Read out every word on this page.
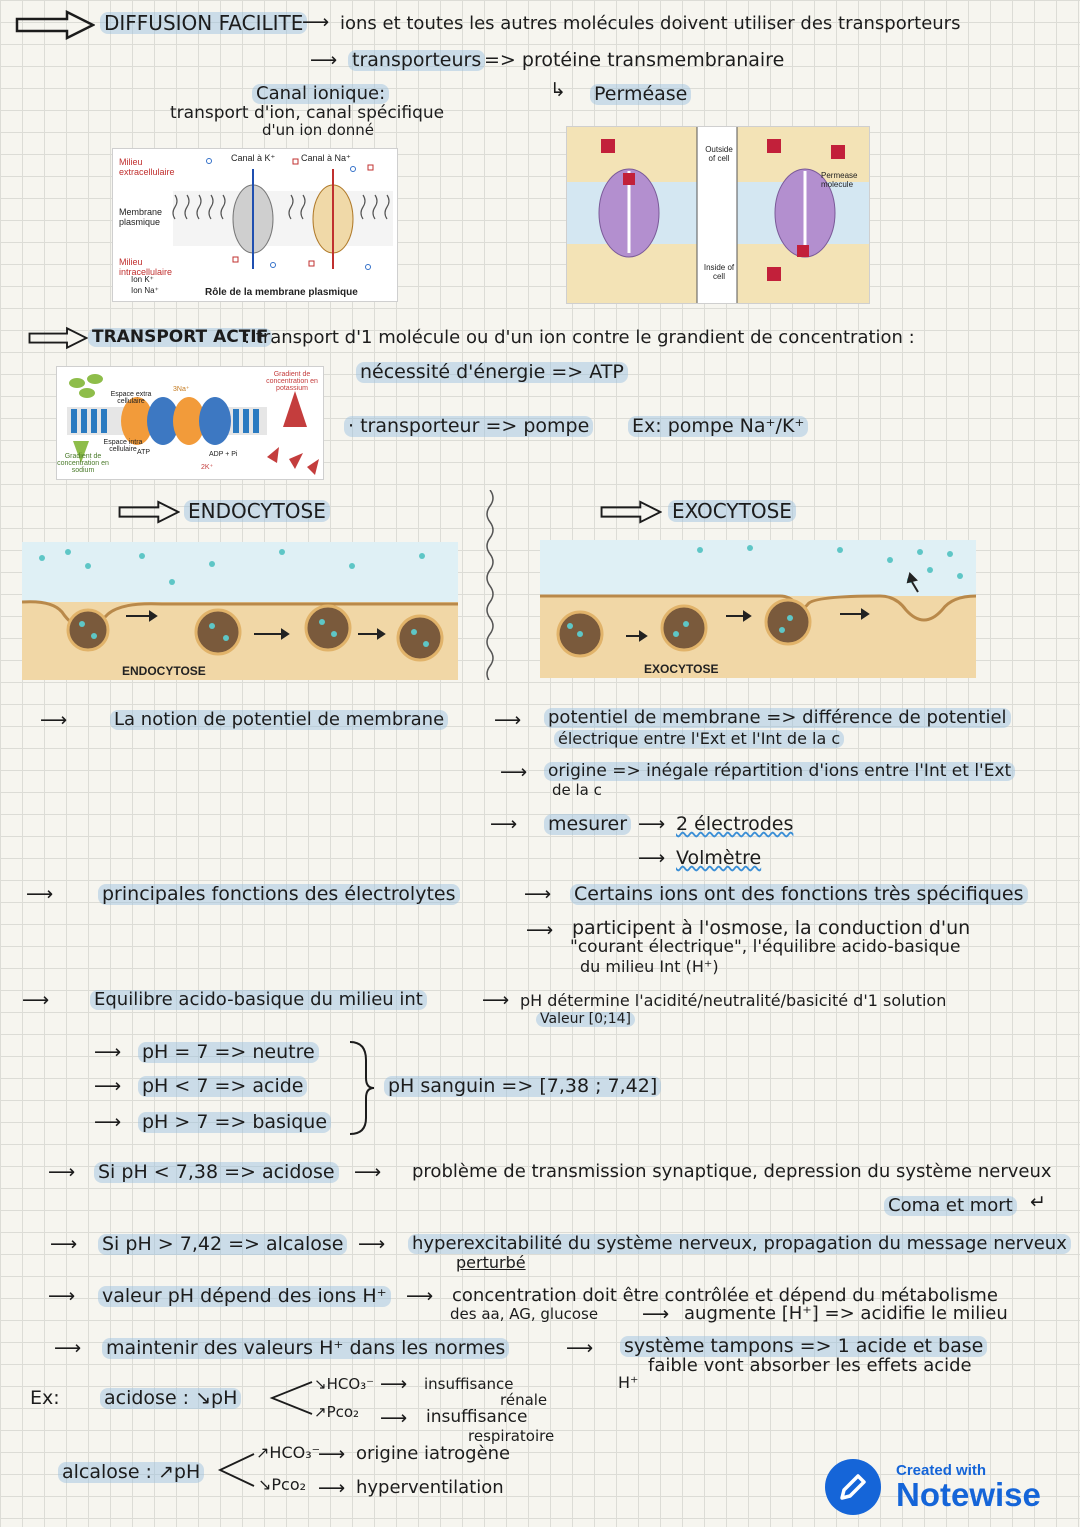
DIFFUSION FACILITE
⟶ ions et toutes les autres molécules doivent utiliser des transporteurs
⟶ transporteurs => protéine transmembranaire
↳ Perméase
Canal ionique:
transport d'ion, canal spécifique
d'un ion donné
Milieu extracellulaire
Membrane plasmique
Milieu intracellulaire
Canal à K⁺	Canal à Na⁺
Ion K⁺
Ion Na⁺	Rôle de la membrane plasmique
Outside of cell
Inside of cell
Permease molecule
TRANSPORT ACTIF
: transport d'1 molécule ou d'un ion contre le grandient de concentration :
nécessité d'énergie => ATP
· transporteur => pompe Ex: pompe Na⁺/K⁺
Espace extra cellulaire
Espace intra cellulaire
Gradient de concentration en potassium
Gradient de concentration en sodium
3Na⁺
2K⁺
ATP	ADP + Pi
ENDOCYTOSE	EXOCYTOSE
ENDOCYTOSE	EXOCYTOSE
⟶	La notion de potentiel de membrane	⟶ potentiel de membrane => différence de potentiel
électrique entre l'Ext et l'Int de la c
⟶ origine => inégale répartition d'ions entre l'Int et l'Ext
de la c
⟶ mesurer ⟶ 2 électrodes
⟶ Volmètre
⟶	principales fonctions des électrolytes	⟶ Certains ions ont des fonctions très spécifiques
⟶ participent à l'osmose, la conduction d'un
"courant électrique", l'équilibre acido-basique
du milieu Int (H⁺)
⟶ Equilibre acido-basique du milieu int	⟶ pH détermine l'acidité/neutralité/basicité d'1 solution
Valeur [0;14]
⟶ pH = 7 => neutre
⟶ pH < 7 => acide
⟶ pH > 7 => basique
pH sanguin => [7,38 ; 7,42]
⟶ Si pH < 7,38 => acidose ⟶ problème de transmission synaptique, depression du système nerveux
Coma et mort ↵
⟶ Si pH > 7,42 => alcalose ⟶ hyperexcitabilité du système nerveux, propagation du message nerveux
perturbé
⟶ valeur pH dépend des ions H⁺ ⟶ concentration doit être contrôlée et dépend du métabolisme
des aa, AG, glucose ⟶ augmente [H⁺] => acidifie le milieu
⟶ maintenir des valeurs H⁺ dans les normes	⟶ système tampons => 1 acide et base
H⁺
faible vont absorber les effets acide
Ex: acidose : ↘pH
↘HCO₃⁻
↗Pco₂
⟶ insuffisance
rénale
⟶ insuffisance
respiratoire
alcalose : ↗pH
↗HCO₃⁻
↘Pco₂
⟶ origine iatrogène
⟶ hyperventilation
Created with
Notewise
